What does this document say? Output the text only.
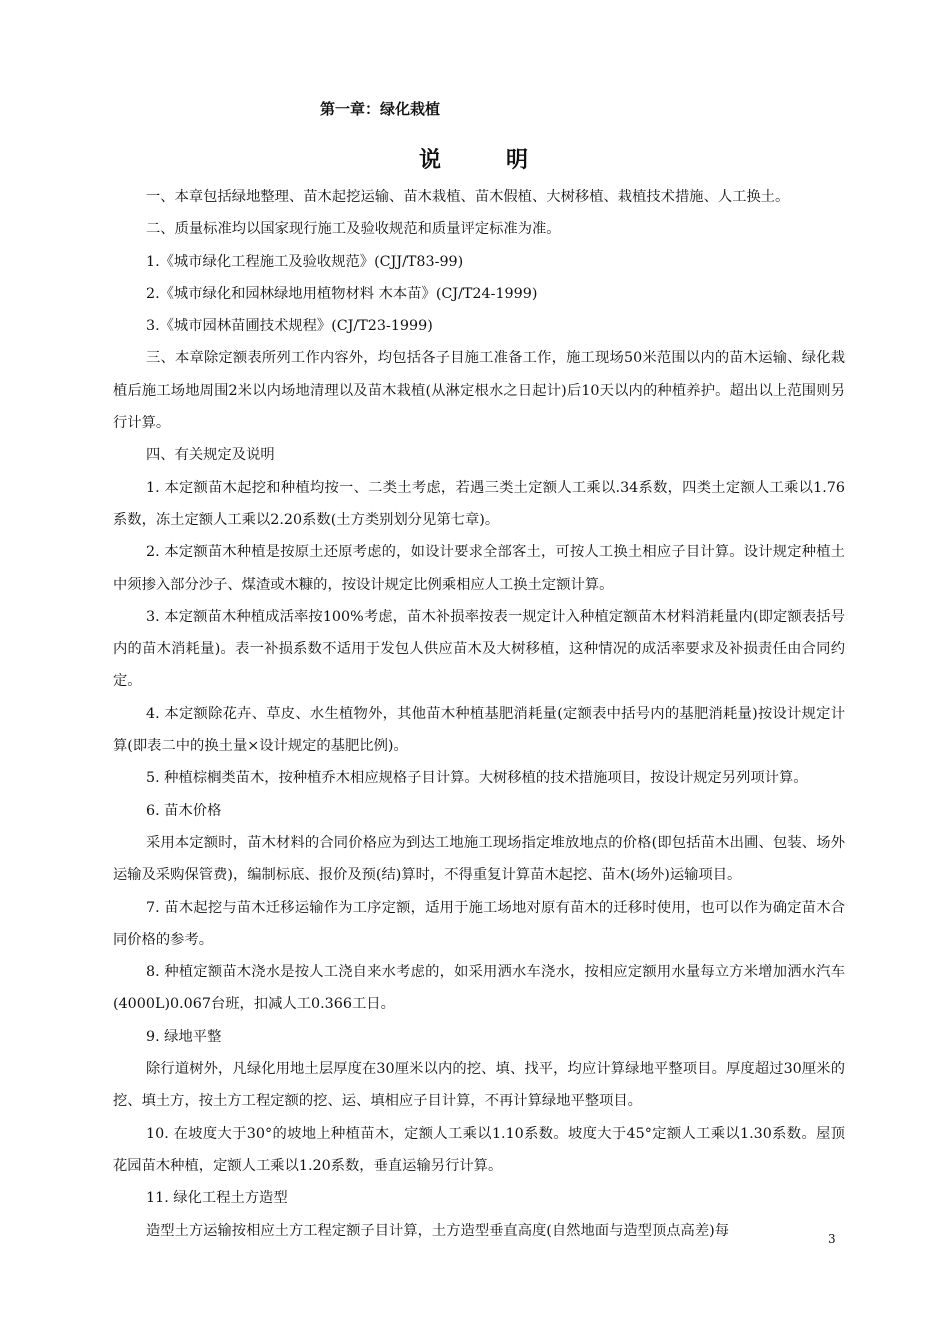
第一章：绿化栽植
说	明

一、本章包括绿地整理、苗木起挖运输、苗木栽植、苗木假植、大树移植、栽植技术措施、人工换土。

二、质量标准均以国家现行施工及验收规范和质量评定标准为准。

1.《城市绿化工程施工及验收规范》(CJJ/T83-99)

2.《城市绿化和园林绿地用植物材料 木本苗》(CJ/T24-1999)

3.《城市园林苗圃技术规程》(CJ/T23-1999)

三、本章除定额表所列工作内容外，均包括各子目施工准备工作，施工现场50米范围以内的苗木运输、绿化栽植后施工场地周围2米以内场地清理以及苗木栽植(从淋定根水之日起计)后10天以内的种植养护。超出以上范围则另行计算。

四、有关规定及说明

1. 本定额苗木起挖和种植均按一、二类土考虑，若遇三类土定额人工乘以.34系数，四类土定额人工乘以1.76系数，冻土定额人工乘以2.20系数(土方类别划分见第七章)。

2. 本定额苗木种植是按原土还原考虑的，如设计要求全部客土，可按人工换土相应子目计算。设计规定种植土中须掺入部分沙子、煤渣或木糠的，按设计规定比例乘相应人工换土定额计算。

3. 本定额苗木种植成活率按100%考虑，苗木补损率按表一规定计入种植定额苗木材料消耗量内(即定额表括号内的苗木消耗量)。表一补损系数不适用于发包人供应苗木及大树移植，这种情况的成活率要求及补损责任由合同约定。

4. 本定额除花卉、草皮、水生植物外，其他苗木种植基肥消耗量(定额表中括号内的基肥消耗量)按设计规定计算(即表二中的换土量×设计规定的基肥比例)。

5. 种植棕榈类苗木，按种植乔木相应规格子目计算。大树移植的技术措施项目，按设计规定另列项计算。

6. 苗木价格

采用本定额时，苗木材料的合同价格应为到达工地施工现场指定堆放地点的价格(即包括苗木出圃、包装、场外运输及采购保管费)，编制标底、报价及预(结)算时，不得重复计算苗木起挖、苗木(场外)运输项目。

7. 苗木起挖与苗木迁移运输作为工序定额，适用于施工场地对原有苗木的迁移时使用，也可以作为确定苗木合同价格的参考。

8. 种植定额苗木浇水是按人工浇自来水考虑的，如采用洒水车浇水，按相应定额用水量每立方米增加洒水汽车(4000L)0.067台班，扣减人工0.366工日。

9. 绿地平整

除行道树外，凡绿化用地土层厚度在30厘米以内的挖、填、找平，均应计算绿地平整项目。厚度超过30厘米的挖、填土方，按土方工程定额的挖、运、填相应子目计算，不再计算绿地平整项目。

10. 在坡度大于30°的坡地上种植苗木，定额人工乘以1.10系数。坡度大于45°定额人工乘以1.30系数。屋顶花园苗木种植，定额人工乘以1.20系数，垂直运输另行计算。

11. 绿化工程土方造型

造型土方运输按相应土方工程定额子目计算，土方造型垂直高度(自然地面与造型顶点高差)每

3
